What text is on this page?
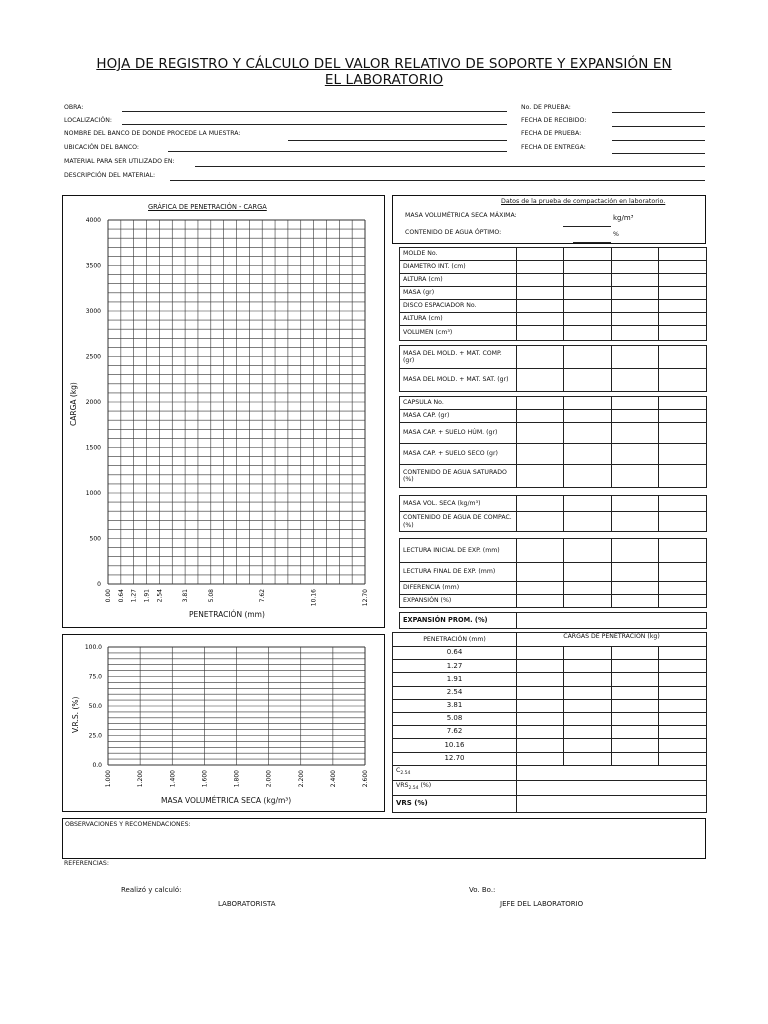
HOJA DE REGISTRO Y CÁLCULO DEL VALOR RELATIVO DE SOPORTE Y EXPANSIÓN EN
EL LABORATORIO
OBRA:
LOCALIZACIÓN:
NOMBRE DEL BANCO DE DONDE PROCEDE LA MUESTRA:
UBICACIÓN DEL BANCO:
MATERIAL PARA SER UTILIZADO EN:
DESCRIPCIÓN DEL MATERIAL:
No. DE PRUEBA:
FECHA DE RECIBIDO:
FECHA DE PRUEBA:
FECHA DE ENTREGA:
GRÁFICA DE PENETRACIÓN - CARGA
0
500
1000
1500
2000
2500
3000
3500
4000
0.00 0.64 1.27 1.91 2.54	3.81	5.08	7.62	10.16	12.70
PENETRACIÓN (mm)
CARGA (kg)
0.0
25.0
50.0
75.0
100.0
1.000	1.200	1.400	1.600	1.800	2.000	2.200	2.400	2.600
MASA VOLUMÉTRICA SECA (kg/m³)
V.R.S. (%)
Datos de la prueba de compactación en laboratorio.
MASA VOLUMÉTRICA SECA MÁXIMA:	kg/m³
CONTENIDO DE AGUA ÓPTIMO:	%
MOLDE No.				
DIAMETRO INT. (cm)				
ALTURA (cm)				
MASA (gr)				
DISCO ESPACIADOR No.				
ALTURA (cm)				
VOLUMEN (cm³)				
MASA DEL MOLD. + MAT. COMP. (gr)				
MASA DEL MOLD. + MAT. SAT. (gr)				
CAPSULA No.				
MASA CAP. (gr)				
MASA CAP. + SUELO HÚM. (gr)				
MASA CAP. + SUELO SECO (gr)				
CONTENIDO DE AGUA SATURADO (%)				
MASA VOL. SECA (kg/m³)				
CONTENIDO DE AGUA DE COMPAC. (%)				
LECTURA INICIAL DE EXP. (mm)				
LECTURA FINAL DE EXP. (mm)				
DIFERENCIA (mm)				
EXPANSIÓN (%)				
EXPANSIÓN PROM. (%)	
PENETRACIÓN (mm)	CARGAS DE PENETRACIÓN (kg)			
0.64				
1.27				
1.91				
2.54				
3.81				
5.08				
7.62				
10.16				
12.70				
$C_{2.54}$	
$VRS_{2.54}$ (%)				
VRS (%)				
OBSERVACIONES Y RECOMENDACIONES:
REFERENCIAS:
Realizó y calculó:
LABORATORISTA
Vo. Bo.:
JEFE DEL LABORATORIO
